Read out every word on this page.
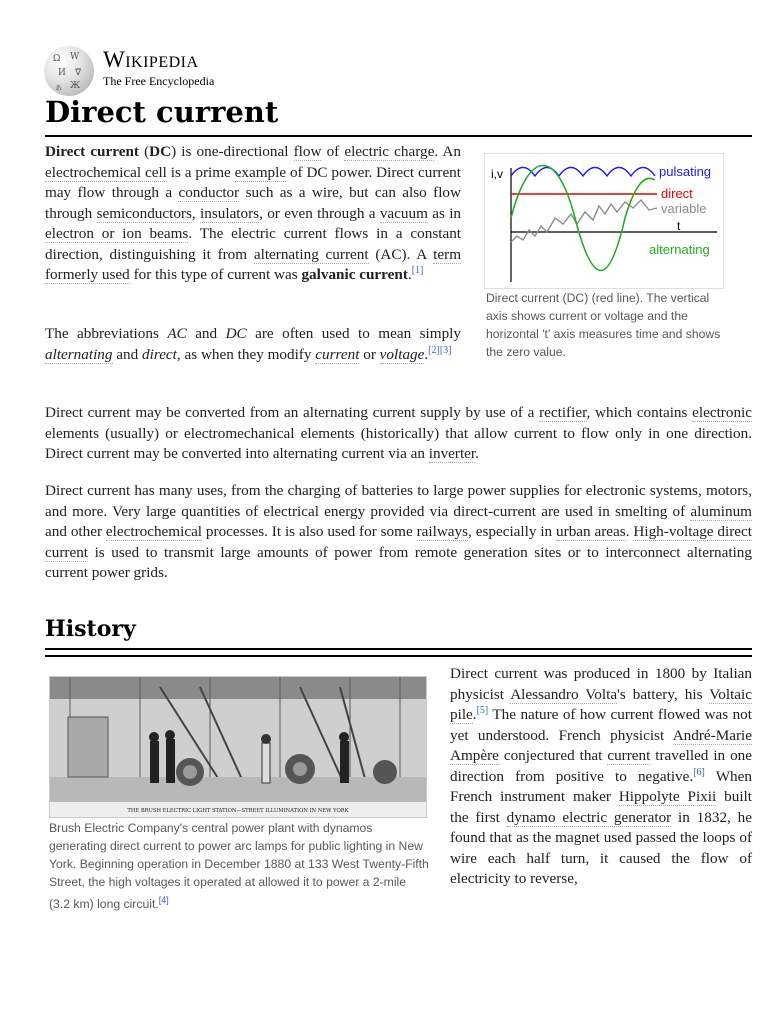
Ω W
И ᐁ
ぁ Ж
Wikipedia
The Free Encyclopedia
Direct current

Direct current (DC) is one-directional flow of electric charge. An electrochemical cell is a prime example of DC power. Direct current may flow through a conductor such as a wire, but can also flow through semiconductors, insulators, or even through a vacuum as in electron or ion beams. The electric current flows in a constant direction, distinguishing it from alternating current (AC). A term formerly used for this type of current was galvanic current.[1]

The abbreviations AC and DC are often used to mean simply alternating and direct, as when they modify current or voltage.[2][3]

i,v
t
pulsating
direct
variable
alternating
Direct current (DC) (red line). The vertical axis shows current or voltage and the horizontal 't' axis measures time and shows the zero value.

Direct current may be converted from an alternating current supply by use of a rectifier, which contains electronic elements (usually) or electromechanical elements (historically) that allow current to flow only in one direction. Direct current may be converted into alternating current via an inverter.

Direct current has many uses, from the charging of batteries to large power supplies for electronic systems, motors, and more. Very large quantities of electrical energy provided via direct-current are used in smelting of aluminum and other electrochemical processes. It is also used for some railways, especially in urban areas. High-voltage direct current is used to transmit large amounts of power from remote generation sites or to interconnect alternating current power grids.

History
THE BRUSH ELECTRIC LIGHT STATION—STREET ILLUMINATION IN NEW YORK
Brush Electric Company's central power plant with dynamos generating direct current to power arc lamps for public lighting in New York. Beginning operation in December 1880 at 133 West Twenty-Fifth Street, the high voltages it operated at allowed it to power a 2-mile (3.2 km) long circuit.[4]

Direct current was produced in 1800 by Italian physicist Alessandro Volta's battery, his Voltaic pile.[5] The nature of how current flowed was not yet understood. French physicist André-Marie Ampère conjectured that current travelled in one direction from positive to negative.[6] When French instrument maker Hippolyte Pixii built the first dynamo electric generator in 1832, he found that as the magnet used passed the loops of wire each half turn, it caused the flow of electricity to reverse,
